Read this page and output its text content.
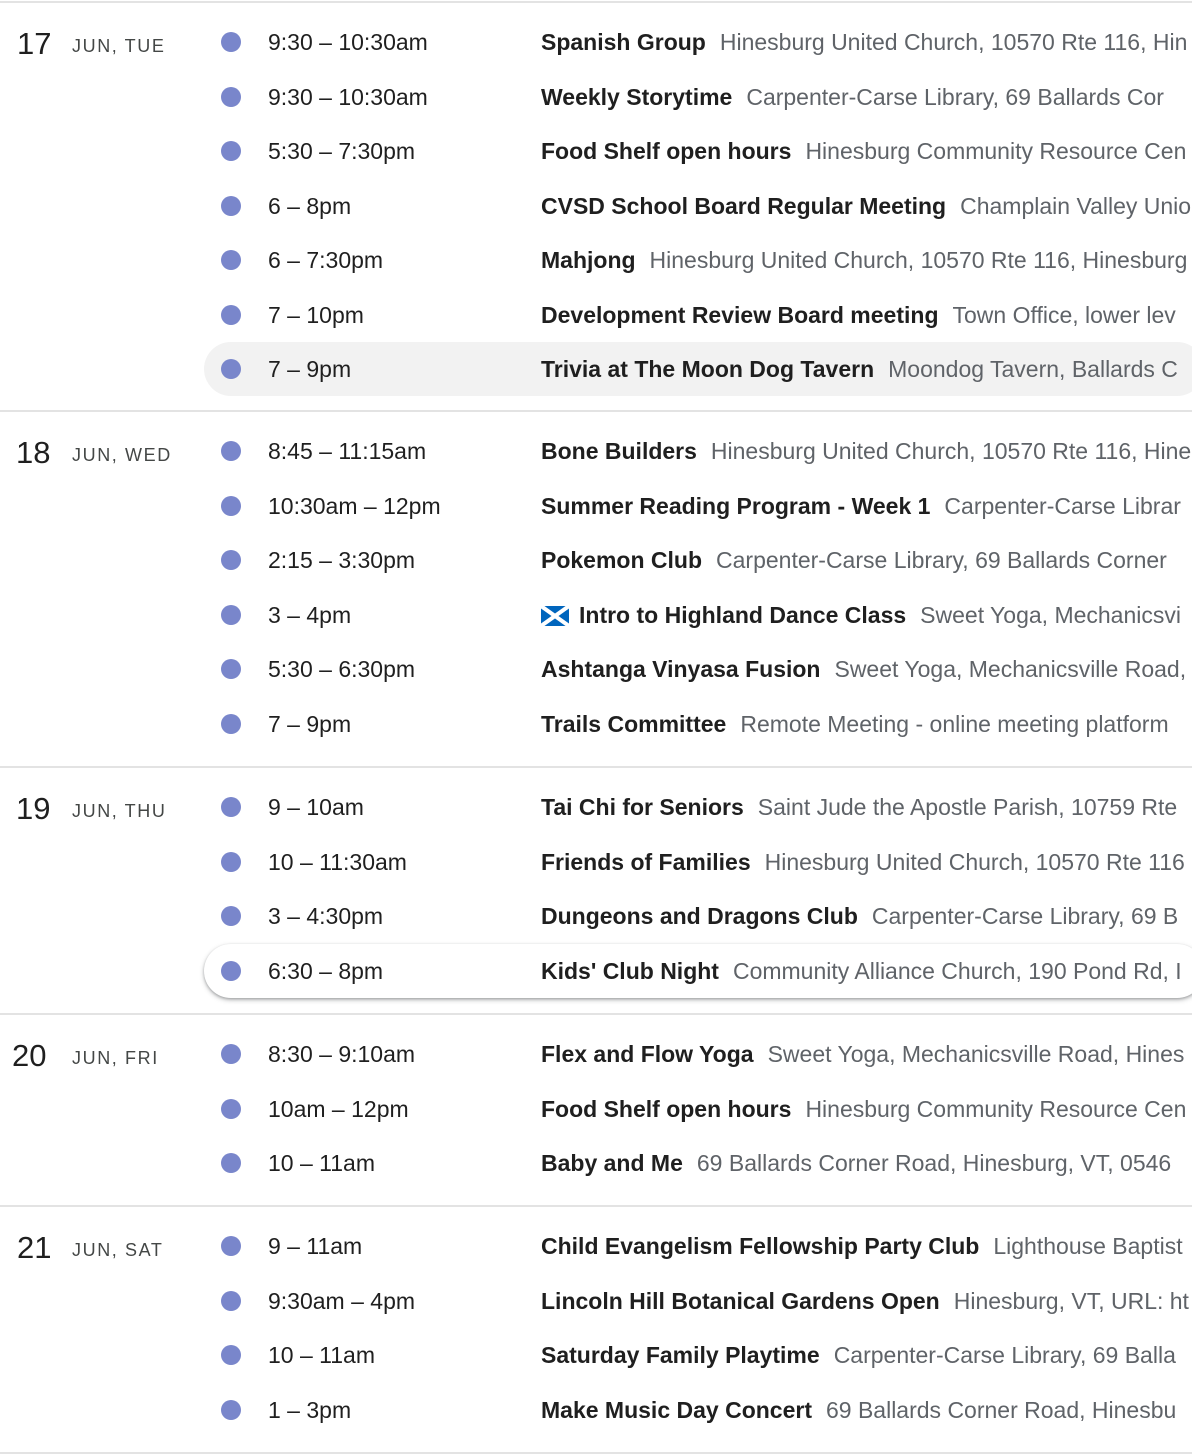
17 JUN, TUE	9:30 – 10:30am	Spanish Group Hinesburg United Church, 10570 Rte 116, Hin
9:30 – 10:30am	Weekly Storytime Carpenter-Carse Library, 69 Ballards Cor
5:30 – 7:30pm	Food Shelf open hours Hinesburg Community Resource Cen
6 – 8pm	CVSD School Board Regular Meeting Champlain Valley Unio
6 – 7:30pm	Mahjong Hinesburg United Church, 10570 Rte 116, Hinesburg
7 – 10pm	Development Review Board meeting Town Office, lower lev
7 – 9pm	Trivia at The Moon Dog Tavern Moondog Tavern, Ballards C
18 JUN, WED	8:45 – 11:15am	Bone Builders Hinesburg United Church, 10570 Rte 116, Hine
10:30am – 12pm	Summer Reading Program - Week 1 Carpenter-Carse Librar
2:15 – 3:30pm	Pokemon Club Carpenter-Carse Library, 69 Ballards Corner
3 – 4pm	Intro to Highland Dance Class Sweet Yoga, Mechanicsvi
5:30 – 6:30pm	Ashtanga Vinyasa Fusion Sweet Yoga, Mechanicsville Road,
7 – 9pm	Trails Committee Remote Meeting - online meeting platform
19 JUN, THU	9 – 10am	Tai Chi for Seniors Saint Jude the Apostle Parish, 10759 Rte
10 – 11:30am	Friends of Families Hinesburg United Church, 10570 Rte 116
3 – 4:30pm	Dungeons and Dragons Club Carpenter-Carse Library, 69 B
6:30 – 8pm	Kids' Club Night Community Alliance Church, 190 Pond Rd, I
20 JUN, FRI	8:30 – 9:10am	Flex and Flow Yoga Sweet Yoga, Mechanicsville Road, Hines
10am – 12pm	Food Shelf open hours Hinesburg Community Resource Cen
10 – 11am	Baby and Me 69 Ballards Corner Road, Hinesburg, VT, 0546
21 JUN, SAT	9 – 11am	Child Evangelism Fellowship Party Club Lighthouse Baptist
9:30am – 4pm	Lincoln Hill Botanical Gardens Open Hinesburg, VT, URL: ht
10 – 11am	Saturday Family Playtime Carpenter-Carse Library, 69 Balla
1 – 3pm	Make Music Day Concert 69 Ballards Corner Road, Hinesbu
